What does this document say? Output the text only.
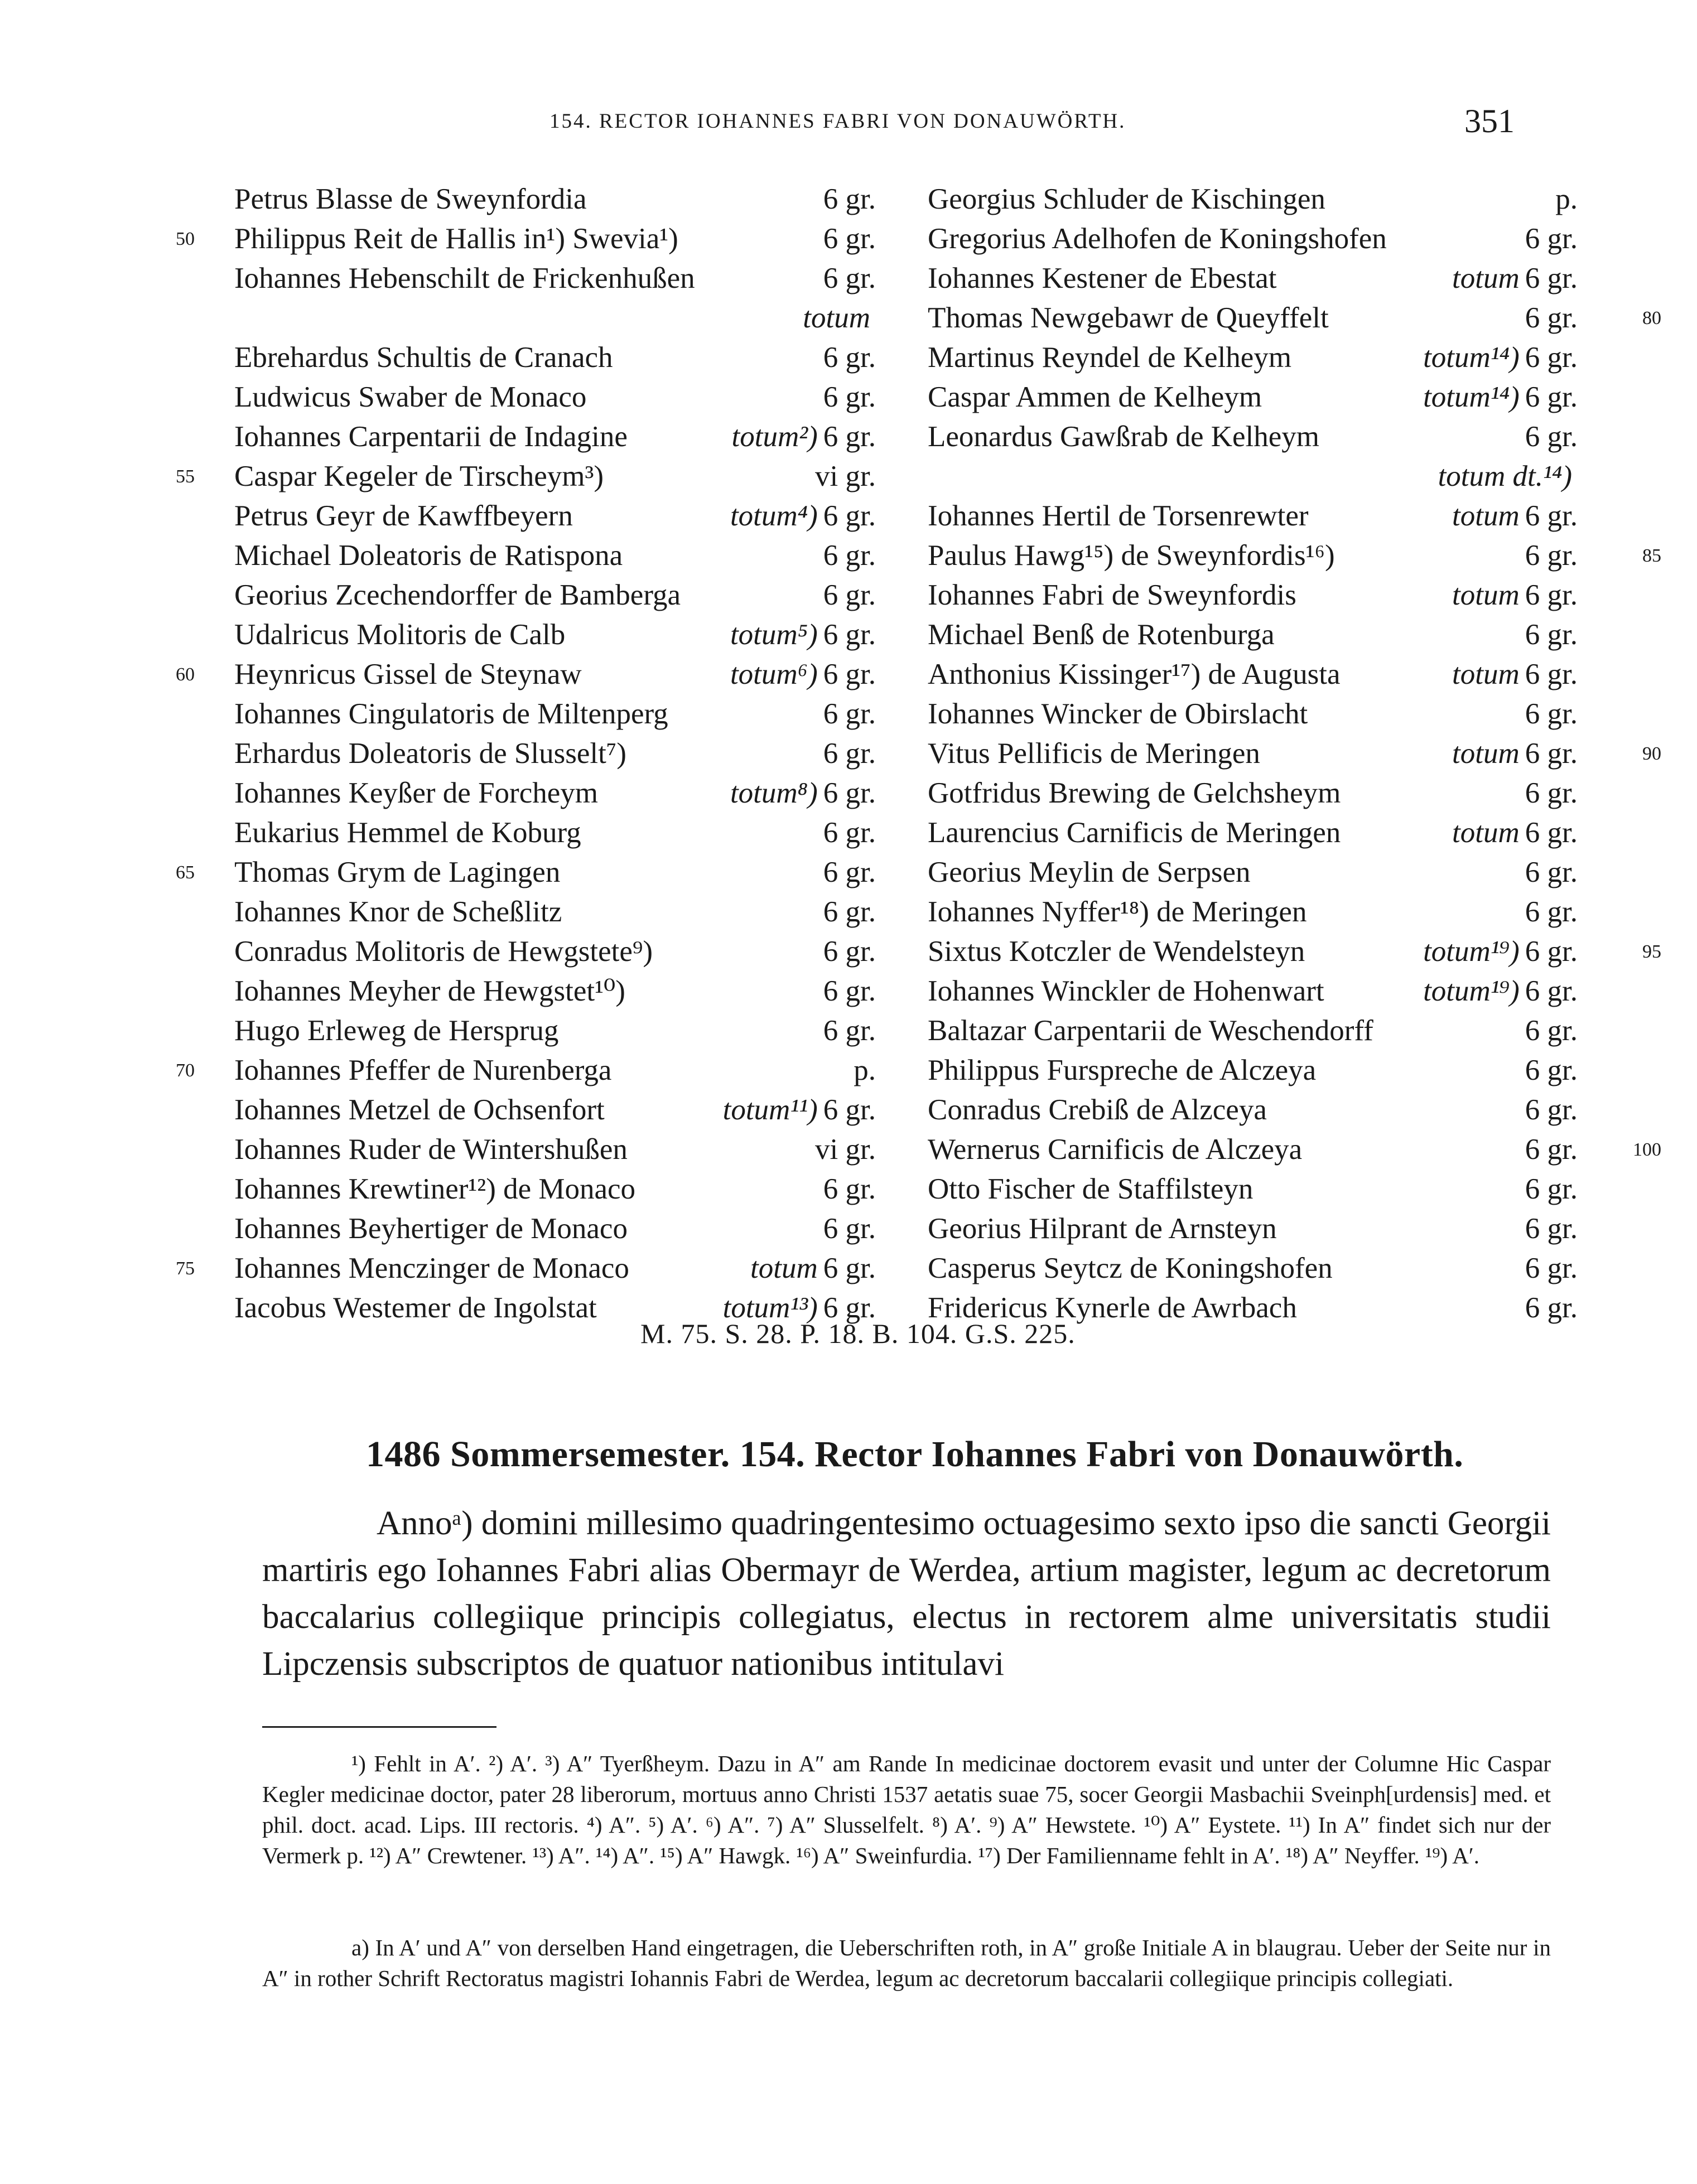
154. RECTOR IOHANNES FABRI VON DONAUWÖRTH.	351
Petrus Blasse de Sweynfordia	6 gr.
50 Philippus Reit de Hallis in¹) Swevia¹)	6 gr.
Iohannes Hebenschilt de Frickenhußen	6 gr.
totum
Ebrehardus Schultis de Cranach	6 gr.
Ludwicus Swaber de Monaco	6 gr.
Iohannes Carpentarii de Indagine	totum²) 6 gr.
55 Caspar Kegeler de Tirscheym³)	vi gr.
Petrus Geyr de Kawffbeyern	totum⁴) 6 gr.
Michael Doleatoris de Ratispona	6 gr.
Georius Zcechendorffer de Bamberga	6 gr.
Udalricus Molitoris de Calb	totum⁵) 6 gr.
60 Heynricus Gissel de Steynaw	totum⁶) 6 gr.
Iohannes Cingulatoris de Miltenperg	6 gr.
Erhardus Doleatoris de Slusselt⁷)	6 gr.
Iohannes Keyßer de Forcheym	totum⁸) 6 gr.
Eukarius Hemmel de Koburg	6 gr.
65 Thomas Grym de Lagingen	6 gr.
Iohannes Knor de Scheßlitz	6 gr.
Conradus Molitoris de Hewgstete⁹)	6 gr.
Iohannes Meyher de Hewgstet¹⁰)	6 gr.
Hugo Erleweg de Hersprug	6 gr.
70 Iohannes Pfeffer de Nurenberga	p.
Iohannes Metzel de Ochsenfort	totum¹¹) 6 gr.
Iohannes Ruder de Wintershußen	vi gr.
Iohannes Krewtiner¹²) de Monaco	6 gr.
Iohannes Beyhertiger de Monaco	6 gr.
75 Iohannes Menczinger de Monaco	totum 6 gr.
Iacobus Westemer de Ingolstat	totum¹³) 6 gr.
Georgius Schluder de Kischingen	p.
Gregorius Adelhofen de Koningshofen	6 gr.
Iohannes Kestener de Ebestat	totum 6 gr.
80
Thomas Newgebawr de Queyffelt	6 gr.
Martinus Reyndel de Kelheym	totum¹⁴) 6 gr.
Caspar Ammen de Kelheym	totum¹⁴) 6 gr.
Leonardus Gawßrab de Kelheym	6 gr.
totum dt.¹⁴)
Iohannes Hertil de Torsenrewter	totum 6 gr.
85
Paulus Hawg¹⁵) de Sweynfordis¹⁶)	6 gr.
Iohannes Fabri de Sweynfordis	totum 6 gr.
Michael Benß de Rotenburga	6 gr.
Anthonius Kissinger¹⁷) de Augusta	totum 6 gr.
Iohannes Wincker de Obirslacht	6 gr.
90
Vitus Pellificis de Meringen	totum 6 gr.
Gotfridus Brewing de Gelchsheym	6 gr.
Laurencius Carnificis de Meringen	totum 6 gr.
Georius Meylin de Serpsen	6 gr.
Iohannes Nyffer¹⁸) de Meringen	6 gr.
95
Sixtus Kotczler de Wendelsteyn	totum¹⁹) 6 gr.
Iohannes Winckler de Hohenwart	totum¹⁹) 6 gr.
Baltazar Carpentarii de Weschendorff	6 gr.
Philippus Furspreche de Alczeya	6 gr.
Conradus Crebiß de Alzceya	6 gr.
100
Wernerus Carnificis de Alczeya	6 gr.
Otto Fischer de Staffilsteyn	6 gr.
Georius Hilprant de Arnsteyn	6 gr.
Casperus Seytcz de Koningshofen	6 gr.
Fridericus Kynerle de Awrbach	6 gr.
M. 75. S. 28. P. 18. B. 104. G.S. 225.
1486 Sommersemester. 154. Rector Iohannes Fabri von Donauwörth.

Annoᵃ) domini millesimo quadringentesimo octuagesimo sexto ipso die sancti Georgii martiris ego Iohannes Fabri alias Obermayr de Werdea, artium magister, legum ac decretorum baccalarius collegiique principis collegiatus, electus in rectorem alme universitatis studii Lipczensis subscriptos de quatuor nationibus intitulavi

¹) Fehlt in A′. ²) A′. ³) A″ Tyerßheym. Dazu in A″ am Rande In medicinae doctorem evasit und unter der Columne Hic Caspar Kegler medicinae doctor, pater 28 liberorum, mortuus anno Christi 1537 aetatis suae 75, socer Georgii Masbachii Sveinph[urdensis] med. et phil. doct. acad. Lips. III rectoris. ⁴) A″. ⁵) A′. ⁶) A″. ⁷) A″ Slusselfelt. ⁸) A′. ⁹) A″ Hewstete. ¹⁰) A″ Eystete. ¹¹) In A″ findet sich nur der Vermerk p. ¹²) A″ Crewtener. ¹³) A″. ¹⁴) A″. ¹⁵) A″ Hawgk. ¹⁶) A″ Sweinfurdia. ¹⁷) Der Familienname fehlt in A′. ¹⁸) A″ Neyffer. ¹⁹) A′.

a) In A′ und A″ von derselben Hand eingetragen, die Ueberschriften roth, in A″ große Initiale A in blaugrau. Ueber der Seite nur in A″ in rother Schrift Rectoratus magistri Iohannis Fabri de Werdea, legum ac decretorum baccalarii collegiique principis collegiati.
